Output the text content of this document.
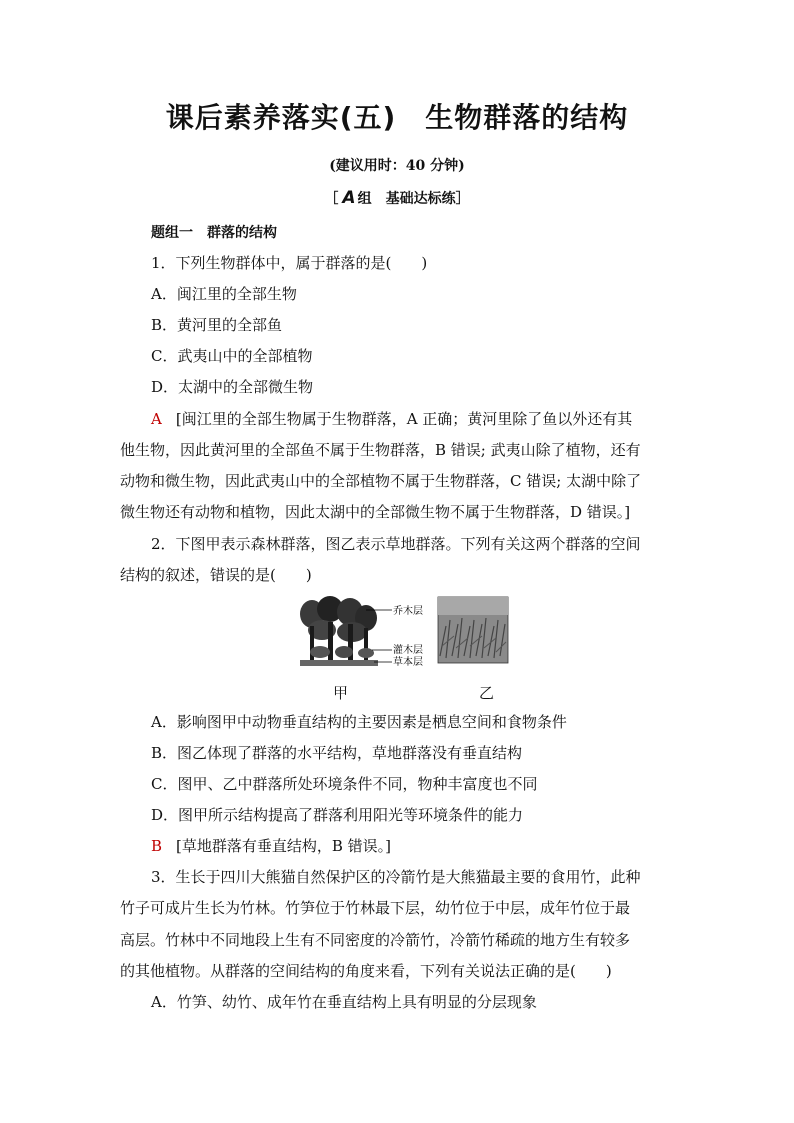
课后素养落实(五)　生物群落的结构
(建议用时：40 分钟)
［ A 组　基础达标练］
题组一　群落的结构
1．下列生物群体中，属于群落的是(　　)
A．闽江里的全部生物
B．黄河里的全部鱼
C．武夷山中的全部植物
D．太湖中的全部微生物
A [闽江里的全部生物属于生物群落，A 正确；黄河里除了鱼以外还有其
他生物，因此黄河里的全部鱼不属于生物群落，B 错误; 武夷山除了植物，还有
动物和微生物，因此武夷山中的全部植物不属于生物群落，C 错误; 太湖中除了
微生物还有动物和植物，因此太湖中的全部微生物不属于生物群落，D 错误。]
2．下图甲表示森林群落，图乙表示草地群落。下列有关这两个群落的空间
结构的叙述，错误的是(　　)
乔木层
灌木层
草本层
甲	乙
A．影响图甲中动物垂直结构的主要因素是栖息空间和食物条件
B．图乙体现了群落的水平结构，草地群落没有垂直结构
C．图甲、乙中群落所处环境条件不同，物种丰富度也不同
D．图甲所示结构提高了群落利用阳光等环境条件的能力
B [草地群落有垂直结构，B 错误。]
3．生长于四川大熊猫自然保护区的冷箭竹是大熊猫最主要的食用竹，此种
竹子可成片生长为竹林。竹笋位于竹林最下层，幼竹位于中层，成年竹位于最
高层。竹林中不同地段上生有不同密度的冷箭竹，冷箭竹稀疏的地方生有较多
的其他植物。从群落的空间结构的角度来看，下列有关说法正确的是(　　)
A．竹笋、幼竹、成年竹在垂直结构上具有明显的分层现象
